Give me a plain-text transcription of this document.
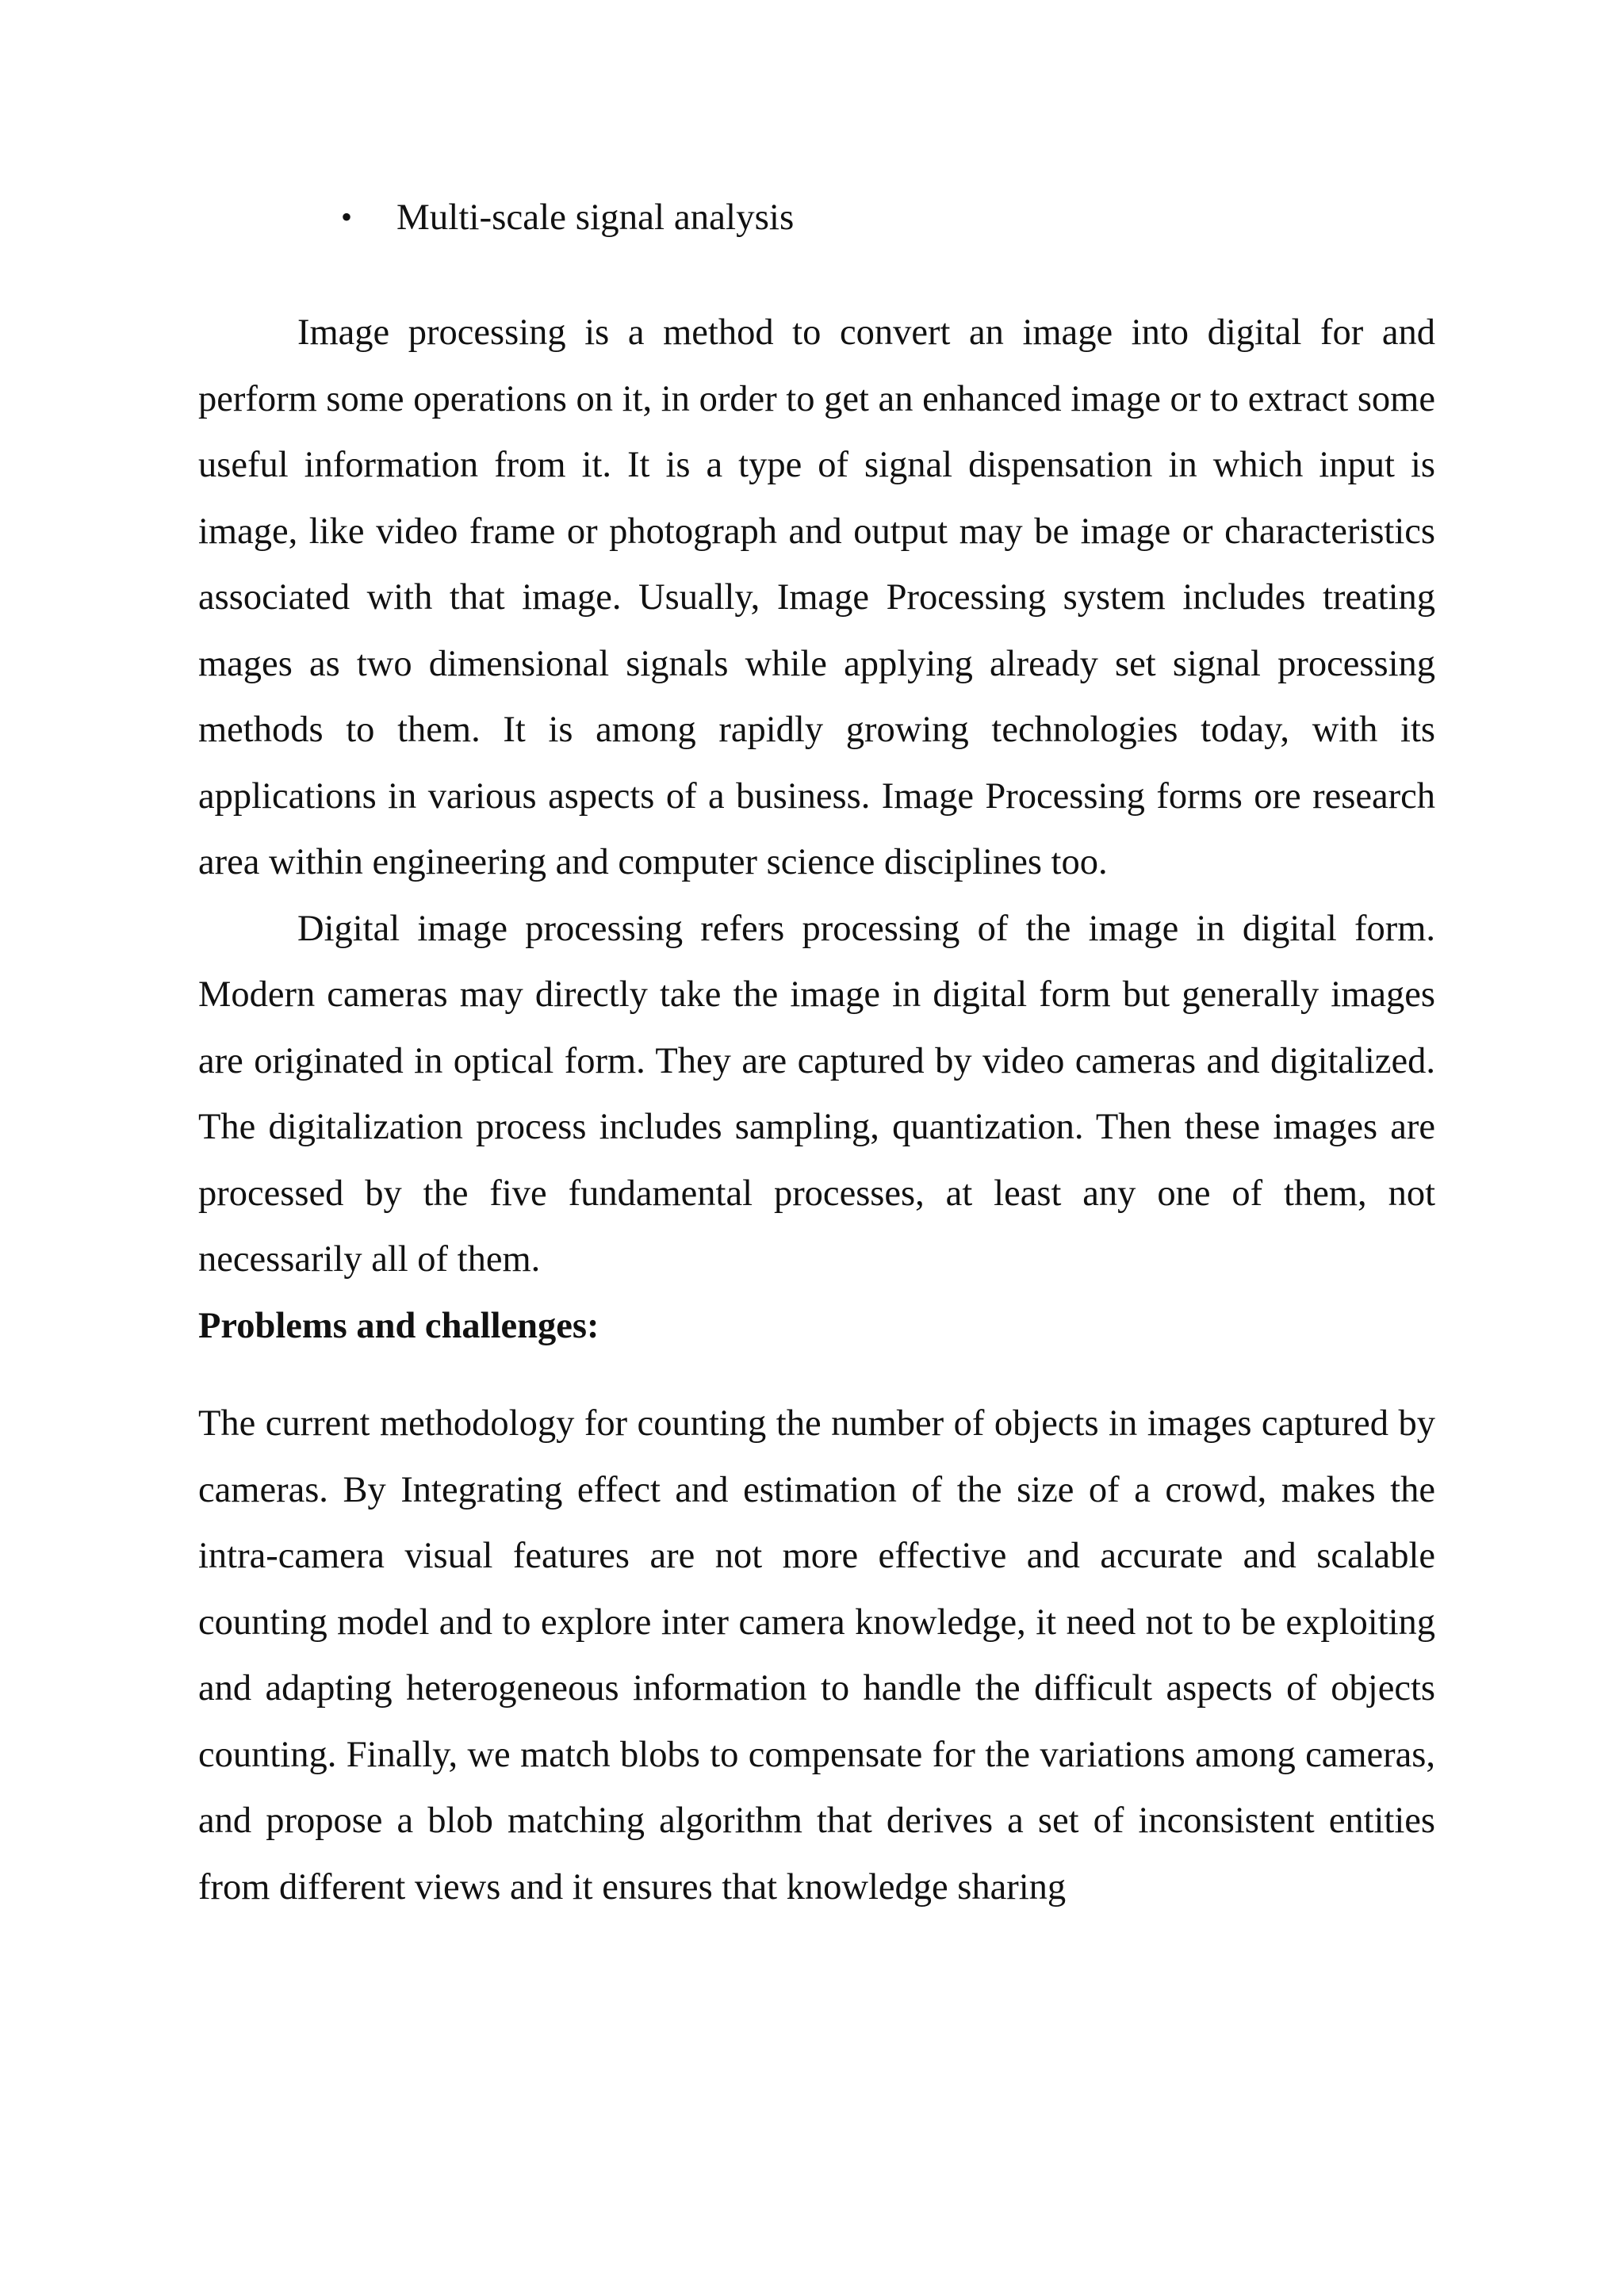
• Multi-scale signal analysis

Image processing is a method to convert an image into digital for and perform some operations on it, in order to get an enhanced image or to extract some useful information from it. It is a type of signal dispensation in which input is image, like video frame or photograph and output may be image or characteristics associated with that image. Usually, Image Processing system includes treating mages as two dimensional signals while applying already set signal processing methods to them. It is among rapidly growing technologies today, with its applications in various aspects of a business. Image Processing forms ore research area within engineering and computer science disciplines too.

Digital image processing refers processing of the image in digital form. Modern cameras may directly take the image in digital form but generally images are originated in optical form. They are captured by video cameras and digitalized. The digitalization process includes sampling, quantization. Then these images are processed by the five fundamental processes, at least any one of them, not necessarily all of them.

Problems and challenges:

The current methodology for counting the number of objects in images captured by cameras. By Integrating effect and estimation of the size of a crowd, makes the intra-camera visual features are not more effective and accurate and scalable counting model and to explore inter camera knowledge, it need not to be exploiting and adapting heterogeneous information to handle the difficult aspects of objects counting. Finally, we match blobs to compensate for the variations among cameras, and propose a blob matching algorithm that derives a set of inconsistent entities from different views and it ensures that knowledge sharing
